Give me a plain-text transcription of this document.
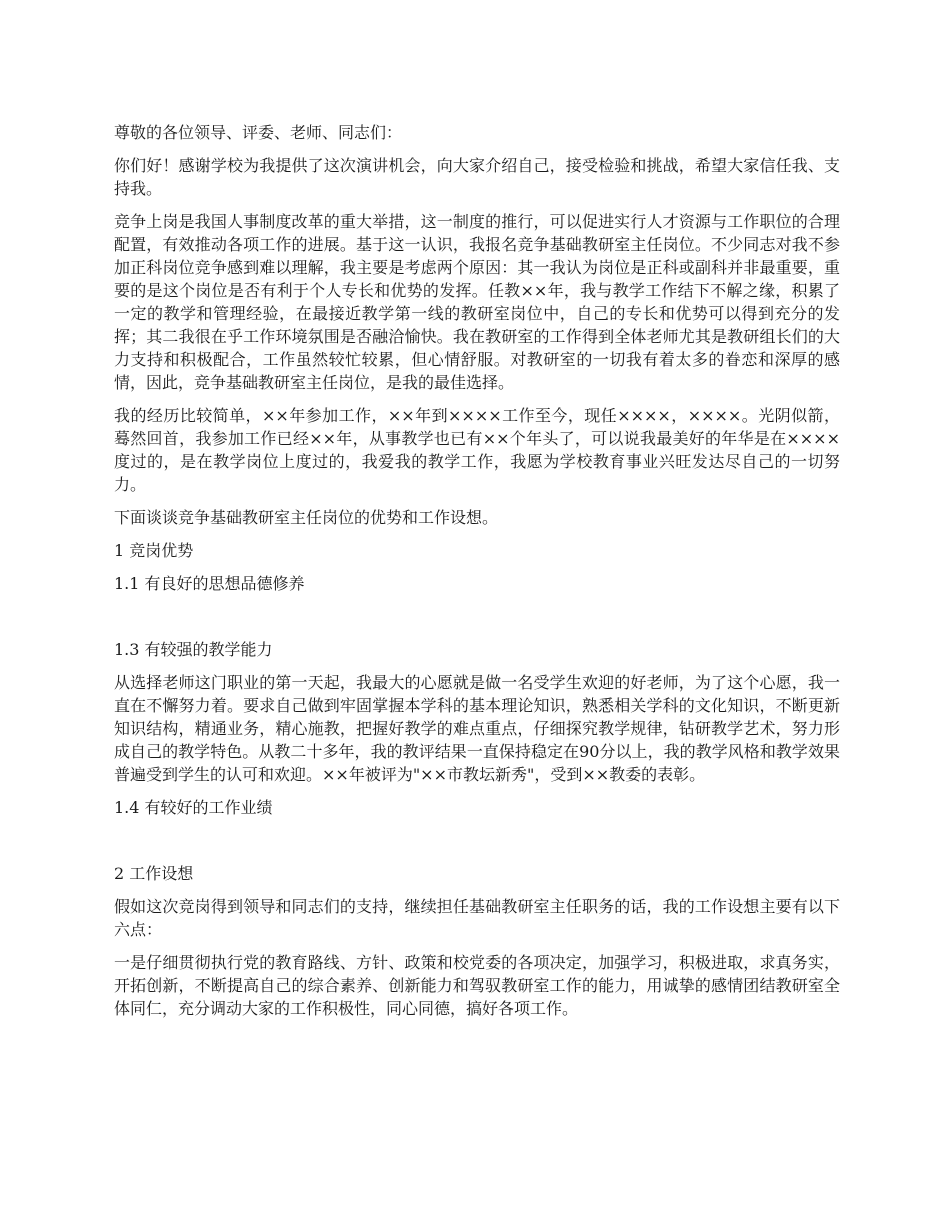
尊敬的各位领导、评委、老师、同志们：

你们好！感谢学校为我提供了这次演讲机会，向大家介绍自己，接受检验和挑战，希望大家信任我、支持我。

竞争上岗是我国人事制度改革的重大举措，这一制度的推行，可以促进实行人才资源与工作职位的合理配置，有效推动各项工作的进展。基于这一认识，我报名竞争基础教研室主任岗位。不少同志对我不参加正科岗位竞争感到难以理解，我主要是考虑两个原因：其一我认为岗位是正科或副科并非最重要，重要的是这个岗位是否有利于个人专长和优势的发挥。任教××年，我与教学工作结下不解之缘，积累了一定的教学和管理经验，在最接近教学第一线的教研室岗位中，自己的专长和优势可以得到充分的发挥；其二我很在乎工作环境氛围是否融洽愉快。我在教研室的工作得到全体老师尤其是教研组长们的大力支持和积极配合，工作虽然较忙较累，但心情舒服。对教研室的一切我有着太多的眷恋和深厚的感情，因此，竞争基础教研室主任岗位，是我的最佳选择。

我的经历比较简单，××年参加工作，××年到××××工作至今，现任××××，××××。光阴似箭，蓦然回首，我参加工作已经××年，从事教学也已有××个年头了，可以说我最美好的年华是在××××度过的，是在教学岗位上度过的，我爱我的教学工作，我愿为学校教育事业兴旺发达尽自己的一切努力。

下面谈谈竞争基础教研室主任岗位的优势和工作设想。

1 竞岗优势

1.1 有良好的思想品德修养

1.3 有较强的教学能力

从选择老师这门职业的第一天起，我最大的心愿就是做一名受学生欢迎的好老师，为了这个心愿，我一直在不懈努力着。要求自己做到牢固掌握本学科的基本理论知识，熟悉相关学科的文化知识，不断更新知识结构，精通业务，精心施教，把握好教学的难点重点，仔细探究教学规律，钻研教学艺术，努力形成自己的教学特色。从教二十多年，我的教评结果一直保持稳定在90分以上，我的教学风格和教学效果普遍受到学生的认可和欢迎。××年被评为"××市教坛新秀"，受到××教委的表彰。

1.4 有较好的工作业绩

2 工作设想

假如这次竞岗得到领导和同志们的支持，继续担任基础教研室主任职务的话，我的工作设想主要有以下六点：

一是仔细贯彻执行党的教育路线、方针、政策和校党委的各项决定，加强学习，积极进取，求真务实，开拓创新，不断提高自己的综合素养、创新能力和驾驭教研室工作的能力，用诚挚的感情团结教研室全体同仁，充分调动大家的工作积极性，同心同德，搞好各项工作。
